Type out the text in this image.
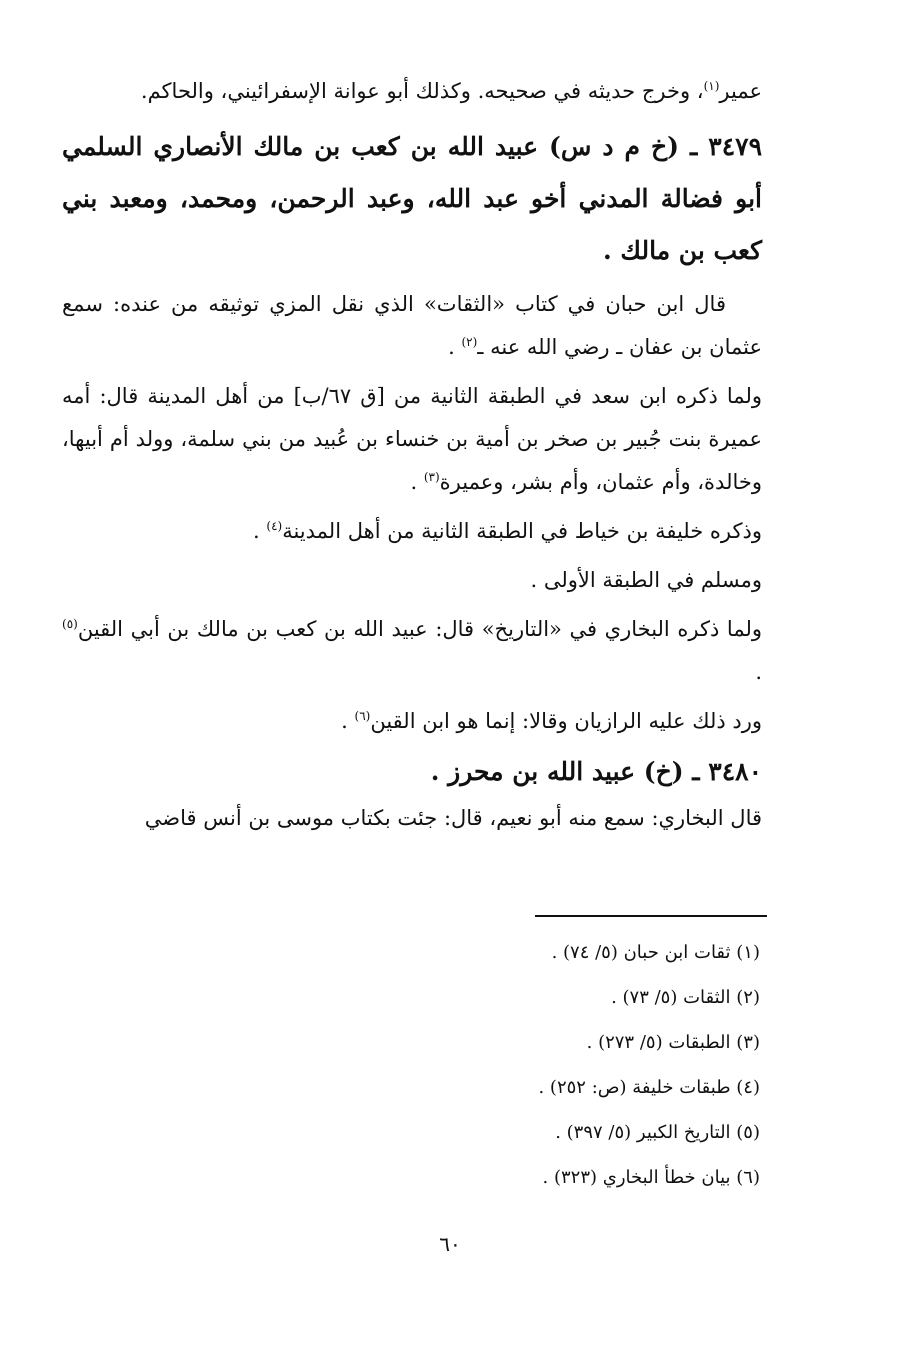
عمير$^{(١)}$، وخرج حديثه في صحيحه. وكذلك أبو عوانة الإسفرائيني، والحاكم.

٣٤٧٩ ـ (خ م د س) عبيد الله بن كعب بن مالك الأنصاري السلمي أبو فضالة المدني أخو عبد الله، وعبد الرحمن، ومحمد، ومعبد بني كعب بن مالك .

قال ابن حبان في كتاب «الثقات» الذي نقل المزي توثيقه من عنده: سمع عثمان بن عفان ـ رضي الله عنه ـ$^{(٢)}$ .

ولما ذكره ابن سعد في الطبقة الثانية من [ق ٦٧/ب] من أهل المدينة قال: أمه عميرة بنت جُبير بن صخر بن أمية بن خنساء بن عُبيد من بني سلمة، وولد أم أبيها، وخالدة، وأم عثمان، وأم بشر، وعميرة$^{(٣)}$ .

وذكره خليفة بن خياط في الطبقة الثانية من أهل المدينة$^{(٤)}$ .

ومسلم في الطبقة الأولى .

ولما ذكره البخاري في «التاريخ» قال: عبيد الله بن كعب بن مالك بن أبي القين$^{(٥)}$ .

ورد ذلك عليه الرازيان وقالا: إنما هو ابن القين$^{(٦)}$ .

٣٤٨٠ ـ (خ) عبيد الله بن محرز .

قال البخاري: سمع منه أبو نعيم، قال: جئت بكتاب موسى بن أنس قاضي

(١) ثقات ابن حبان (٥/ ٧٤) .

(٢) الثقات (٥/ ٧٣) .

(٣) الطبقات (٥/ ٢٧٣) .

(٤) طبقات خليفة (ص: ٢٥٢) .

(٥) التاريخ الكبير (٥/ ٣٩٧) .

(٦) بيان خطأ البخاري (٣٢٣) .

٦٠
